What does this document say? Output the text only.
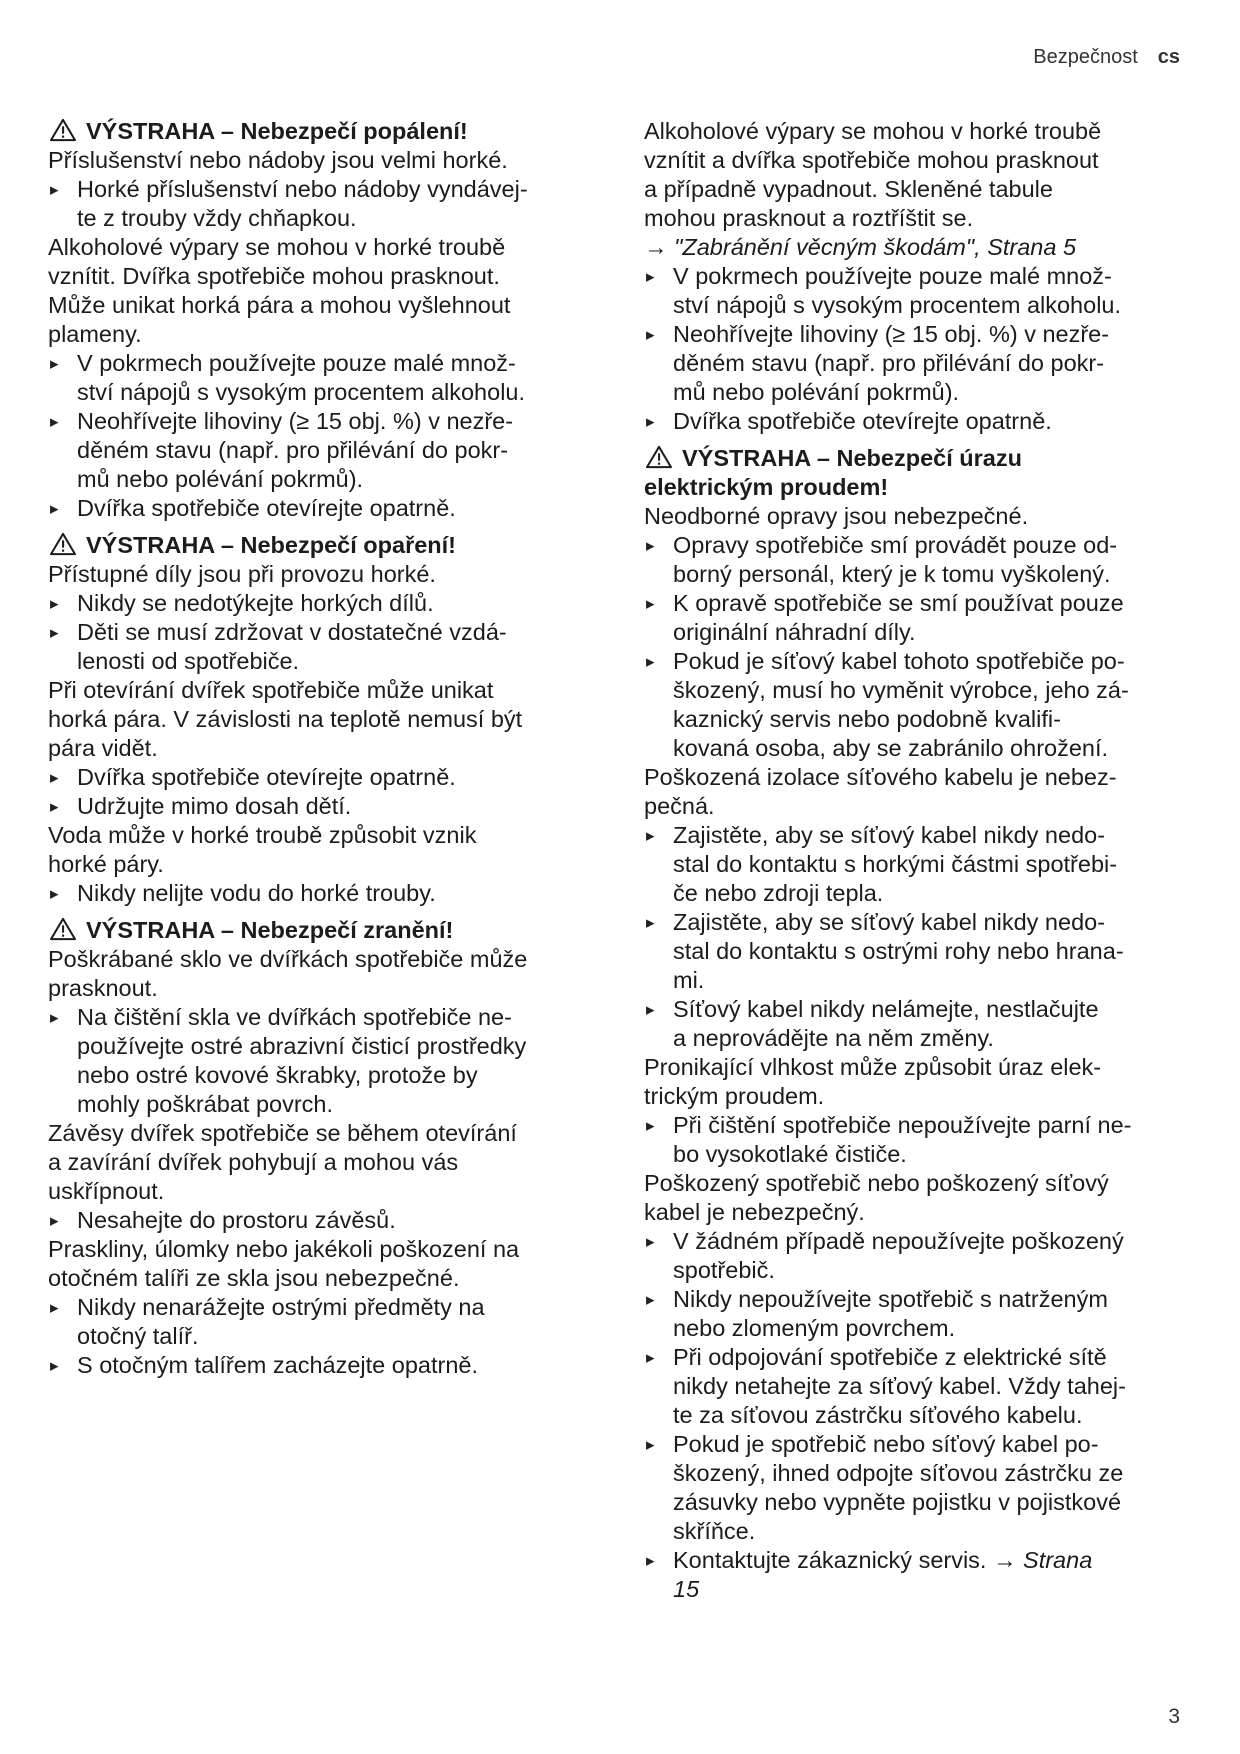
Bezpečnost cs

VÝSTRAHA – Nebezpečí popálení!

Příslušenství nebo nádoby jsou velmi horké.

▸ Horké příslušenství nebo nádoby vyndávej-
te z trouby vždy chňapkou.

Alkoholové výpary se mohou v horké troubě
vznítit. Dvířka spotřebiče mohou prasknout.
Může unikat horká pára a mohou vyšlehnout
plameny.

▸ V pokrmech používejte pouze malé množ-
ství nápojů s vysokým procentem alkoholu.

▸ Neohřívejte lihoviny (≥ 15 obj. %) v nezře-
děném stavu (např. pro přilévání do pokr-
mů nebo polévání pokrmů).

▸ Dvířka spotřebiče otevírejte opatrně.

VÝSTRAHA – Nebezpečí opaření!

Přístupné díly jsou při provozu horké.

▸ Nikdy se nedotýkejte horkých dílů.

▸ Děti se musí zdržovat v dostatečné vzdá-
lenosti od spotřebiče.

Při otevírání dvířek spotřebiče může unikat
horká pára. V závislosti na teplotě nemusí být
pára vidět.

▸ Dvířka spotřebiče otevírejte opatrně.

▸ Udržujte mimo dosah dětí.

Voda může v horké troubě způsobit vznik
horké páry.

▸ Nikdy nelijte vodu do horké trouby.

VÝSTRAHA – Nebezpečí zranění!

Poškrábané sklo ve dvířkách spotřebiče může
prasknout.

▸ Na čištění skla ve dvířkách spotřebiče ne-
používejte ostré abrazivní čisticí prostředky
nebo ostré kovové škrabky, protože by
mohly poškrábat povrch.

Závěsy dvířek spotřebiče se během otevírání
a zavírání dvířek pohybují a mohou vás
uskřípnout.

▸ Nesahejte do prostoru závěsů.

Praskliny, úlomky nebo jakékoli poškození na
otočném talíři ze skla jsou nebezpečné.

▸ Nikdy nenarážejte ostrými předměty na
otočný talíř.

▸ S otočným talířem zacházejte opatrně.

Alkoholové výpary se mohou v horké troubě
vznítit a dvířka spotřebiče mohou prasknout
a případně vypadnout. Skleněné tabule
mohou prasknout a roztříštit se.

→ "Zabránění věcným škodám", Strana 5

▸ V pokrmech používejte pouze malé množ-
ství nápojů s vysokým procentem alkoholu.

▸ Neohřívejte lihoviny (≥ 15 obj. %) v nezře-
děném stavu (např. pro přilévání do pokr-
mů nebo polévání pokrmů).

▸ Dvířka spotřebiče otevírejte opatrně.

VÝSTRAHA – Nebezpečí úrazu
elektrickým proudem!

Neodborné opravy jsou nebezpečné.

▸ Opravy spotřebiče smí provádět pouze od-
borný personál, který je k tomu vyškolený.

▸ K opravě spotřebiče se smí používat pouze
originální náhradní díly.

▸ Pokud je síťový kabel tohoto spotřebiče po-
škozený, musí ho vyměnit výrobce, jeho zá-
kaznický servis nebo podobně kvalifi-
kovaná osoba, aby se zabránilo ohrožení.

Poškozená izolace síťového kabelu je nebez-
pečná.

▸ Zajistěte, aby se síťový kabel nikdy nedo-
stal do kontaktu s horkými částmi spotřebi-
če nebo zdroji tepla.

▸ Zajistěte, aby se síťový kabel nikdy nedo-
stal do kontaktu s ostrými rohy nebo hrana-
mi.

▸ Síťový kabel nikdy nelámejte, nestlačujte
a neprovádějte na něm změny.

Pronikající vlhkost může způsobit úraz elek-
trickým proudem.

▸ Při čištění spotřebiče nepoužívejte parní ne-
bo vysokotlaké čističe.

Poškozený spotřebič nebo poškozený síťový
kabel je nebezpečný.

▸ V žádném případě nepoužívejte poškozený
spotřebič.

▸ Nikdy nepoužívejte spotřebič s natrženým
nebo zlomeným povrchem.

▸ Při odpojování spotřebiče z elektrické sítě
nikdy netahejte za síťový kabel. Vždy tahej-
te za síťovou zástrčku síťového kabelu.

▸ Pokud je spotřebič nebo síťový kabel po-
škozený, ihned odpojte síťovou zástrčku ze
zásuvky nebo vypněte pojistku v pojistkové
skříňce.

▸ Kontaktujte zákaznický servis. → Strana
15

3
